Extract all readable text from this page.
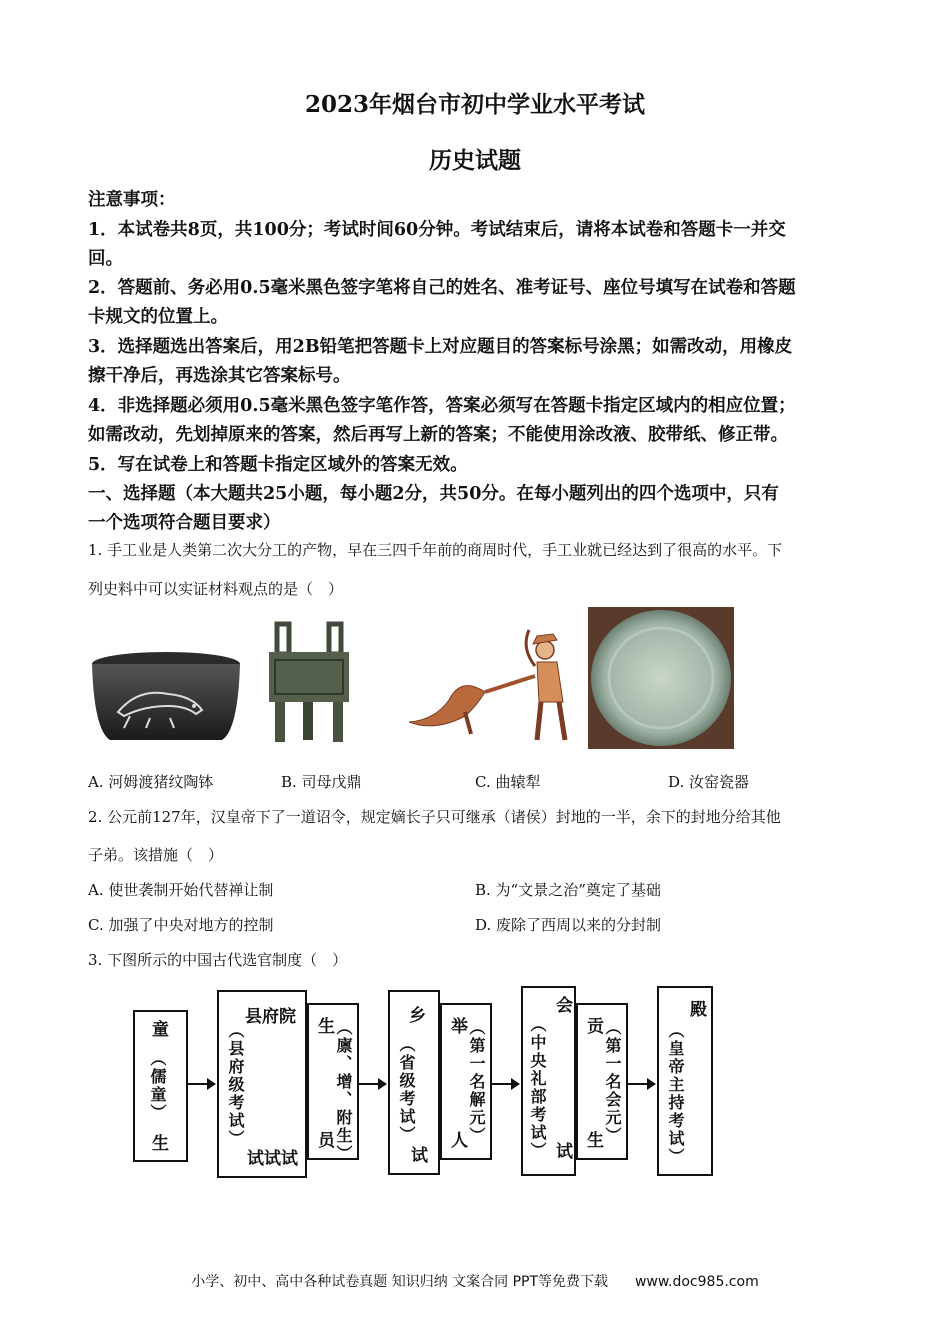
2023年烟台市初中学业水平考试
历史试题
注意事项：
1．本试卷共8页，共100分；考试时间60分钟。考试结束后，请将本试卷和答题卡一并交
回。
2．答题前、务必用0.5毫米黑色签字笔将自己的姓名、准考证号、座位号填写在试卷和答题
卡规文的位置上。
3．选择题选出答案后，用2B铅笔把答题卡上对应题目的答案标号涂黑；如需改动，用橡皮
擦干净后，再选涂其它答案标号。
4．非选择题必须用0.5毫米黑色签字笔作答，答案必须写在答题卡指定区域内的相应位置；
如需改动，先划掉原来的答案，然后再写上新的答案；不能使用涂改液、胶带纸、修正带。
5．写在试卷上和答题卡指定区域外的答案无效。
一、选择题（本大题共25小题，每小题2分，共50分。在每小题列出的四个选项中，只有
一个选项符合题目要求）
1. 手工业是人类第二次大分工的产物，早在三四千年前的商周时代，手工业就已经达到了很高的水平。下
列史料中可以实证材料观点的是（　）
A. 河姆渡猪纹陶钵	B. 司母戊鼎	C. 曲辕犁	D. 汝窑瓷器
2. 公元前127年，汉皇帝下了一道诏令，规定嫡长子只可继承（诸侯）封地的一半，余下的封地分给其他
子弟。该措施（　）
A. 使世袭制开始代替禅让制	B. 为“文景之治”奠定了基础
C. 加强了中央对地方的控制	D. 废除了西周以来的分封制
3. 下图所示的中国古代选官制度（　）
童
（儒童）
生
县府院
（县府级考试）
试试试
生
员 （廪、增、附生）
乡
（省级考试）
试
举
人 （第一名解元）
会
（中央礼部考试） 试
贡
生 （第一名会元）
殿
（皇帝主持考试）
小学、初中、高中各种试卷真题 知识归纳 文案合同 PPT等免费下载 www.doc985.com
